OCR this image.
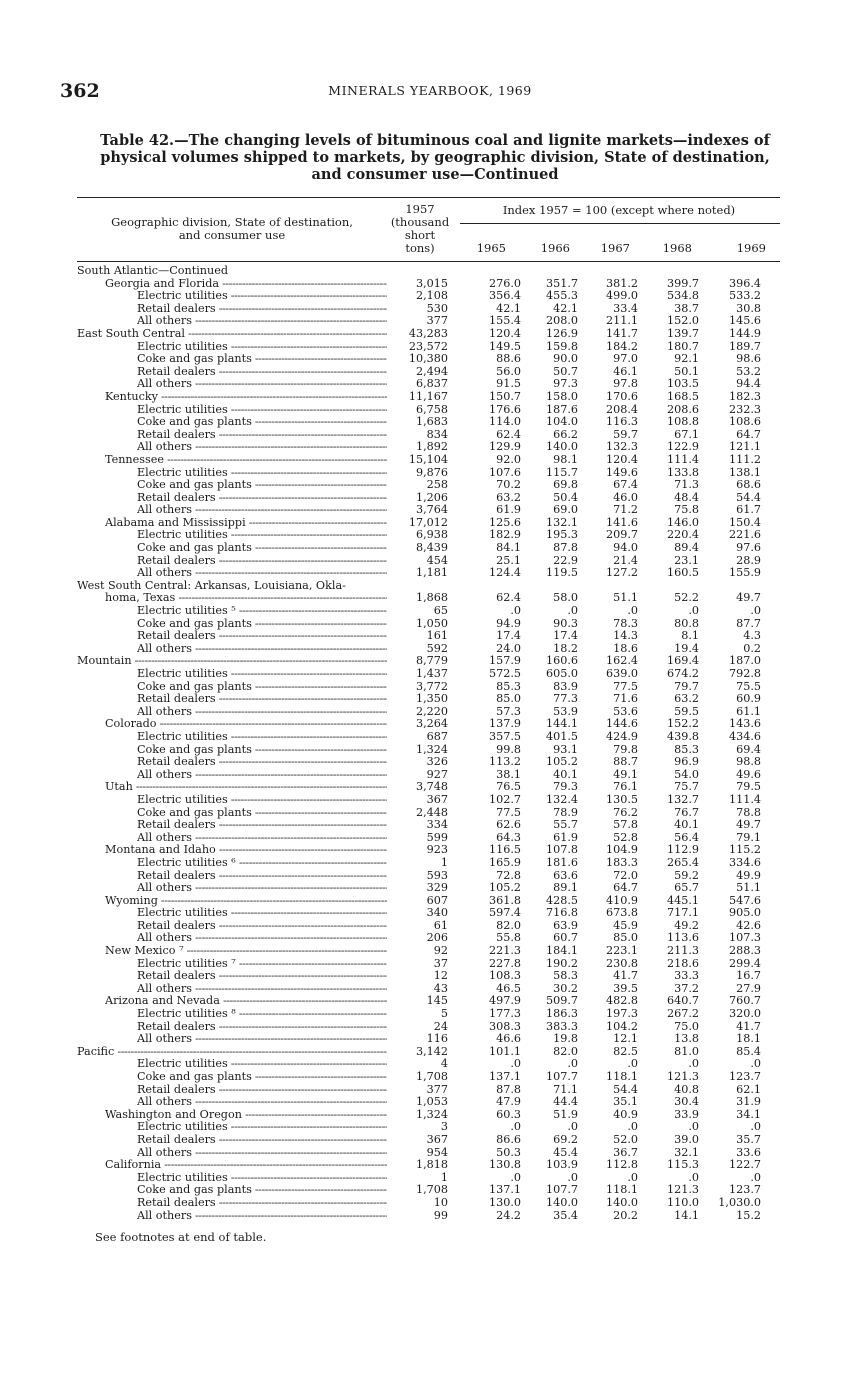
362	MINERALS YEARBOOK, 1969
Table 42.—The changing levels of bituminous coal and lignite markets—indexes of
physical volumes shipped to markets, by geographic division, State of destination,
and consumer use—Continued
Geographic division, State of destination,
and consumer use
1957
(thousand
short
tons)
Index 1957 = 100 (except where noted)
1965	1966	1967	1968	1969
South Atlantic—Continued
Georgia and Florida -----	3,015	276.0	351.7	381.2	399.7	396.4
Electric utilities -----	2,108	356.4	455.3	499.0	534.8	533.2
Retail dealers -----	530	42.1	42.1	33.4	38.7	30.8
All others -----	377	155.4	208.0	211.1	152.0	145.6
East South Central -----	43,283	120.4	126.9	141.7	139.7	144.9
Electric utilities -----	23,572	149.5	159.8	184.2	180.7	189.7
Coke and gas plants -----	10,380	88.6	90.0	97.0	92.1	98.6
Retail dealers -----	2,494	56.0	50.7	46.1	50.1	53.2
All others -----	6,837	91.5	97.3	97.8	103.5	94.4
Kentucky -----	11,167	150.7	158.0	170.6	168.5	182.3
Electric utilities -----	6,758	176.6	187.6	208.4	208.6	232.3
Coke and gas plants -----	1,683	114.0	104.0	116.3	108.8	108.6
Retail dealers -----	834	62.4	66.2	59.7	67.1	64.7
All others -----	1,892	129.9	140.0	132.3	122.9	121.1
Tennessee -----	15,104	92.0	98.1	120.4	111.4	111.2
Electric utilities -----	9,876	107.6	115.7	149.6	133.8	138.1
Coke and gas plants -----	258	70.2	69.8	67.4	71.3	68.6
Retail dealers -----	1,206	63.2	50.4	46.0	48.4	54.4
All others -----	3,764	61.9	69.0	71.2	75.8	61.7
Alabama and Mississippi -----	17,012	125.6	132.1	141.6	146.0	150.4
Electric utilities -----	6,938	182.9	195.3	209.7	220.4	221.6
Coke and gas plants -----	8,439	84.1	87.8	94.0	89.4	97.6
Retail dealers -----	454	25.1	22.9	21.4	23.1	28.9
All others -----	1,181	124.4	119.5	127.2	160.5	155.9
West South Central: Arkansas, Louisiana, Okla-
homa, Texas -----	1,868	62.4	58.0	51.1	52.2	49.7
Electric utilities ⁵ -----	65	.0	.0	.0	.0	.0
Coke and gas plants -----	1,050	94.9	90.3	78.3	80.8	87.7
Retail dealers -----	161	17.4	17.4	14.3	8.1	4.3
All others -----	592	24.0	18.2	18.6	19.4	0.2
Mountain -----	8,779	157.9	160.6	162.4	169.4	187.0
Electric utilities -----	1,437	572.5	605.0	639.0	674.2	792.8
Coke and gas plants -----	3,772	85.3	83.9	77.5	79.7	75.5
Retail dealers -----	1,350	85.0	77.3	71.6	63.2	60.9
All others -----	2,220	57.3	53.9	53.6	59.5	61.1
Colorado -----	3,264	137.9	144.1	144.6	152.2	143.6
Electric utilities -----	687	357.5	401.5	424.9	439.8	434.6
Coke and gas plants -----	1,324	99.8	93.1	79.8	85.3	69.4
Retail dealers -----	326	113.2	105.2	88.7	96.9	98.8
All others -----	927	38.1	40.1	49.1	54.0	49.6
Utah -----	3,748	76.5	79.3	76.1	75.7	79.5
Electric utilities -----	367	102.7	132.4	130.5	132.7	111.4
Coke and gas plants -----	2,448	77.5	78.9	76.2	76.7	78.8
Retail dealers -----	334	62.6	55.7	57.8	40.1	49.7
All others -----	599	64.3	61.9	52.8	56.4	79.1
Montana and Idaho -----	923	116.5	107.8	104.9	112.9	115.2
Electric utilities ⁶ -----	1	165.9	181.6	183.3	265.4	334.6
Retail dealers -----	593	72.8	63.6	72.0	59.2	49.9
All others -----	329	105.2	89.1	64.7	65.7	51.1
Wyoming -----	607	361.8	428.5	410.9	445.1	547.6
Electric utilities -----	340	597.4	716.8	673.8	717.1	905.0
Retail dealers -----	61	82.0	63.9	45.9	49.2	42.6
All others -----	206	55.8	60.7	85.0	113.6	107.3
New Mexico ⁷ -----	92	221.3	184.1	223.1	211.3	288.3
Electric utilities ⁷ -----	37	227.8	190.2	230.8	218.6	299.4
Retail dealers -----	12	108.3	58.3	41.7	33.3	16.7
All others -----	43	46.5	30.2	39.5	37.2	27.9
Arizona and Nevada -----	145	497.9	509.7	482.8	640.7	760.7
Electric utilities ⁸ -----	5	177.3	186.3	197.3	267.2	320.0
Retail dealers -----	24	308.3	383.3	104.2	75.0	41.7
All others -----	116	46.6	19.8	12.1	13.8	18.1
Pacific -----	3,142	101.1	82.0	82.5	81.0	85.4
Electric utilities -----	4	.0	.0	.0	.0	.0
Coke and gas plants -----	1,708	137.1	107.7	118.1	121.3	123.7
Retail dealers -----	377	87.8	71.1	54.4	40.8	62.1
All others -----	1,053	47.9	44.4	35.1	30.4	31.9
Washington and Oregon -----	1,324	60.3	51.9	40.9	33.9	34.1
Electric utilities -----	3	.0	.0	.0	.0	.0
Retail dealers -----	367	86.6	69.2	52.0	39.0	35.7
All others -----	954	50.3	45.4	36.7	32.1	33.6
California -----	1,818	130.8	103.9	112.8	115.3	122.7
Electric utilities -----	1	.0	.0	.0	.0	.0
Coke and gas plants -----	1,708	137.1	107.7	118.1	121.3	123.7
Retail dealers -----	10	130.0	140.0	140.0	110.0	1,030.0
All others -----	99	24.2	35.4	20.2	14.1	15.2
See footnotes at end of table.
